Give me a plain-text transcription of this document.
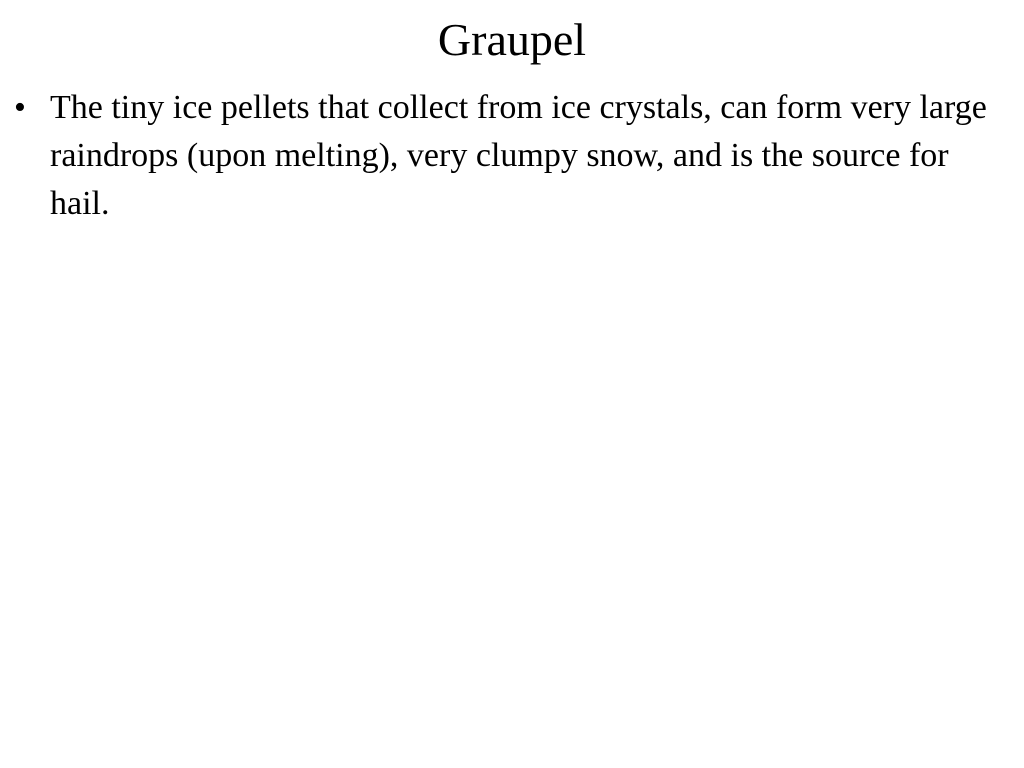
Graupel
• The tiny ice pellets that collect from ice crystals, can form very large raindrops (upon melting), very clumpy snow, and is the source for hail.
